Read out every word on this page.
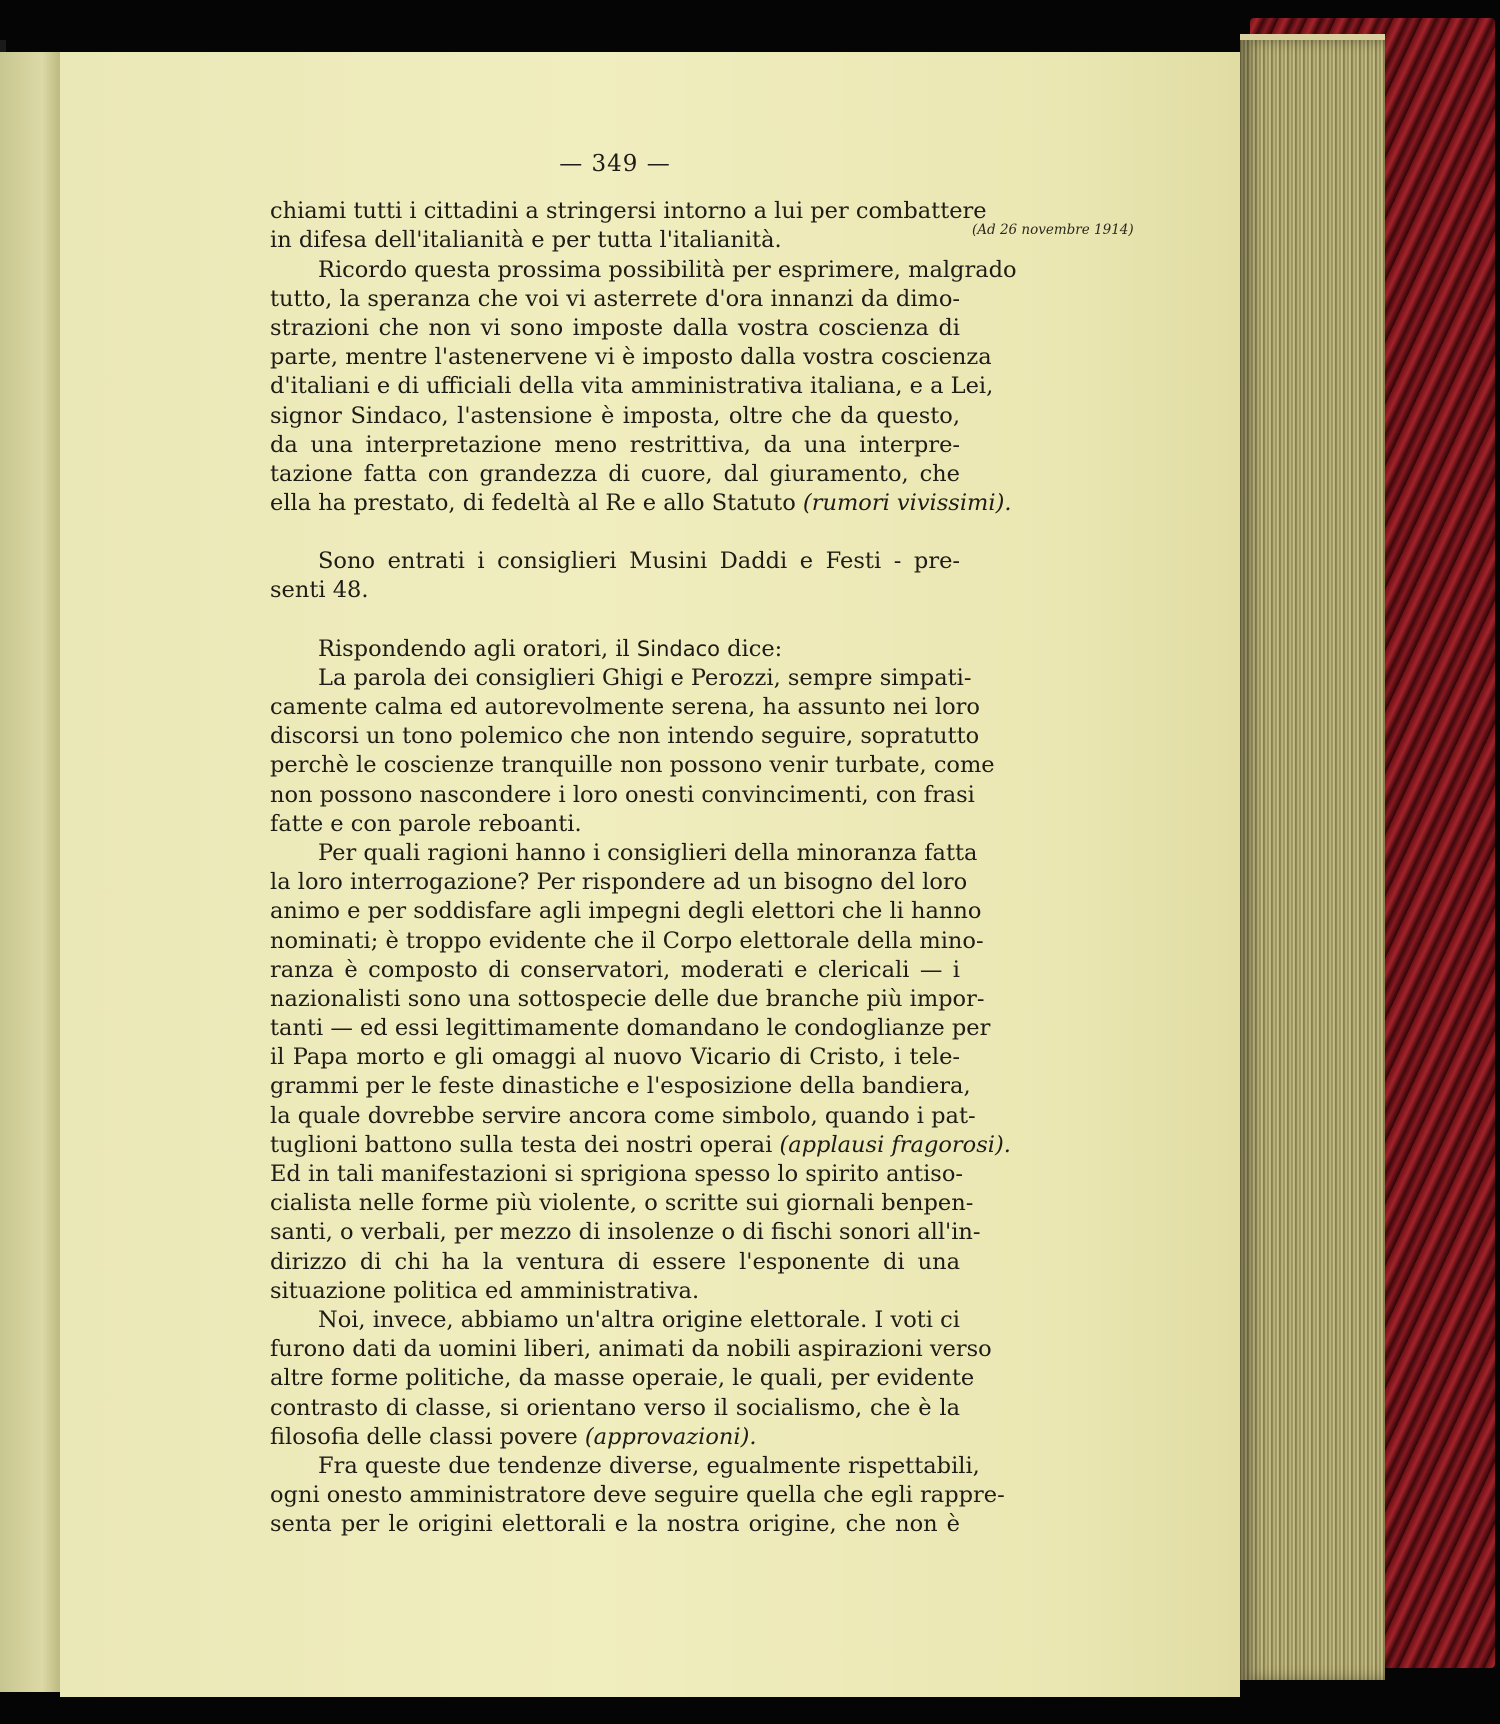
(Ad 26 novembre 1914)
— 349 —
chiami tutti i cittadini a stringersi intorno a lui per combattere
in difesa dell'italianità e per tutta l'italianità.
Ricordo questa prossima possibilità per esprimere, malgrado
tutto, la speranza che voi vi asterrete d'ora innanzi da dimo-
strazioni che non vi sono imposte dalla vostra coscienza di
parte, mentre l'astenervene vi è imposto dalla vostra coscienza
d'italiani e di ufficiali della vita amministrativa italiana, e a Lei,
signor Sindaco, l'astensione è imposta, oltre che da questo,
da una interpretazione meno restrittiva, da una interpre-
tazione fatta con grandezza di cuore, dal giuramento, che
ella ha prestato, di fedeltà al Re e allo Statuto (rumori vivissimi).
Sono entrati i consiglieri Musini Daddi e Festi - pre-
senti 48.
Rispondendo agli oratori, il Sindaco dice:
La parola dei consiglieri Ghigi e Perozzi, sempre simpati-
camente calma ed autorevolmente serena, ha assunto nei loro
discorsi un tono polemico che non intendo seguire, sopratutto
perchè le coscienze tranquille non possono venir turbate, come
non possono nascondere i loro onesti convincimenti, con frasi
fatte e con parole reboanti.
Per quali ragioni hanno i consiglieri della minoranza fatta
la loro interrogazione? Per rispondere ad un bisogno del loro
animo e per soddisfare agli impegni degli elettori che li hanno
nominati; è troppo evidente che il Corpo elettorale della mino-
ranza è composto di conservatori, moderati e clericali — i
nazionalisti sono una sottospecie delle due branche più impor-
tanti — ed essi legittimamente domandano le condoglianze per
il Papa morto e gli omaggi al nuovo Vicario di Cristo, i tele-
grammi per le feste dinastiche e l'esposizione della bandiera,
la quale dovrebbe servire ancora come simbolo, quando i pat-
tuglioni battono sulla testa dei nostri operai (applausi fragorosi).
Ed in tali manifestazioni si sprigiona spesso lo spirito antiso-
cialista nelle forme più violente, o scritte sui giornali benpen-
santi, o verbali, per mezzo di insolenze o di fischi sonori all'in-
dirizzo di chi ha la ventura di essere l'esponente di una
situazione politica ed amministrativa.
Noi, invece, abbiamo un'altra origine elettorale. I voti ci
furono dati da uomini liberi, animati da nobili aspirazioni verso
altre forme politiche, da masse operaie, le quali, per evidente
contrasto di classe, si orientano verso il socialismo, che è la
filosofia delle classi povere (approvazioni).
Fra queste due tendenze diverse, egualmente rispettabili,
ogni onesto amministratore deve seguire quella che egli rappre-
senta per le origini elettorali e la nostra origine, che non è
